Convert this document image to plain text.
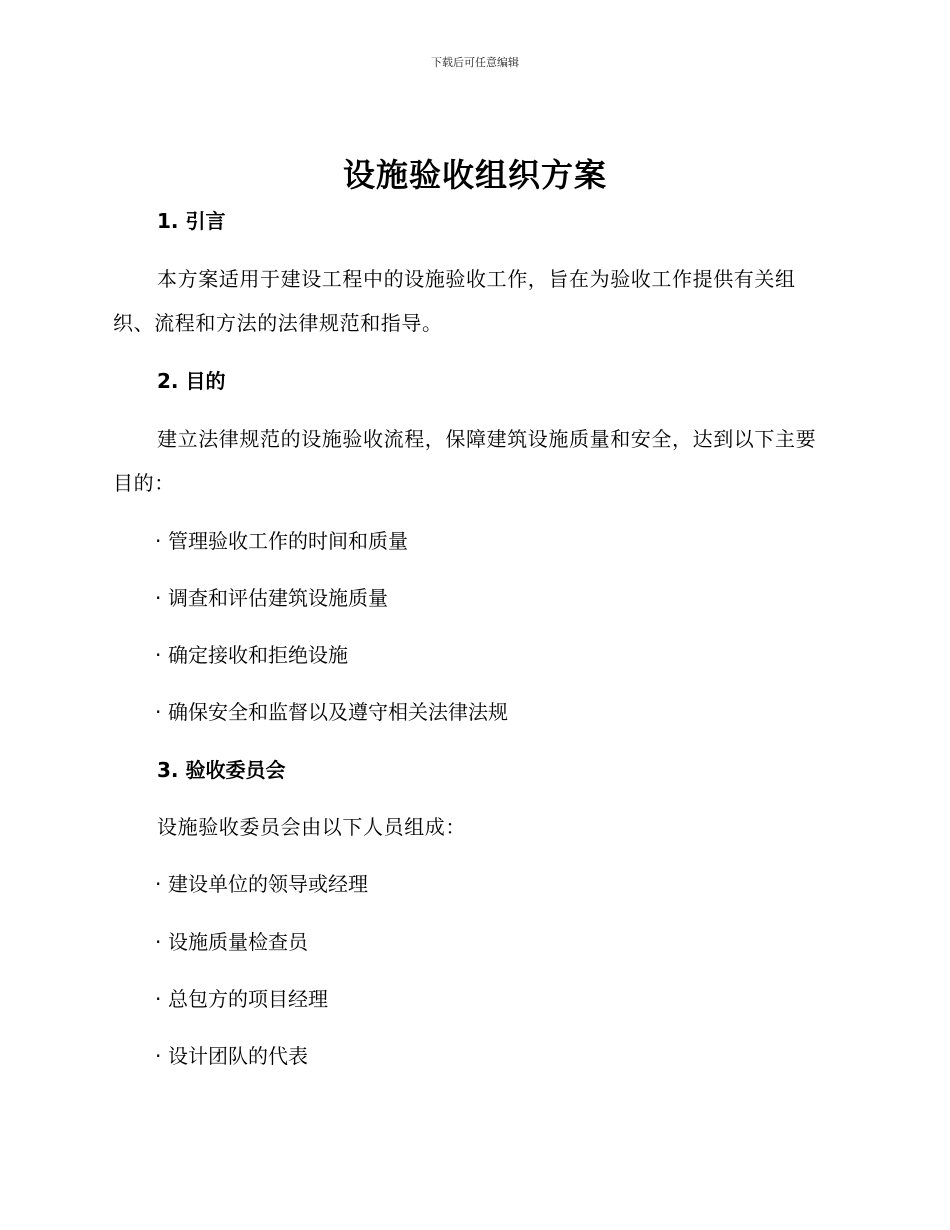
下载后可任意编辑
设施验收组织方案
1. 引言

本方案适用于建设工程中的设施验收工作，旨在为验收工作提供有关组织、流程和方法的法律规范和指导。

2. 目的

建立法律规范的设施验收流程，保障建筑设施质量和安全，达到以下主要目的：

· 管理验收工作的时间和质量
· 调查和评估建筑设施质量
· 确定接收和拒绝设施
· 确保安全和监督以及遵守相关法律法规
3. 验收委员会

设施验收委员会由以下人员组成：

· 建设单位的领导或经理
· 设施质量检查员
· 总包方的项目经理
· 设计团队的代表
